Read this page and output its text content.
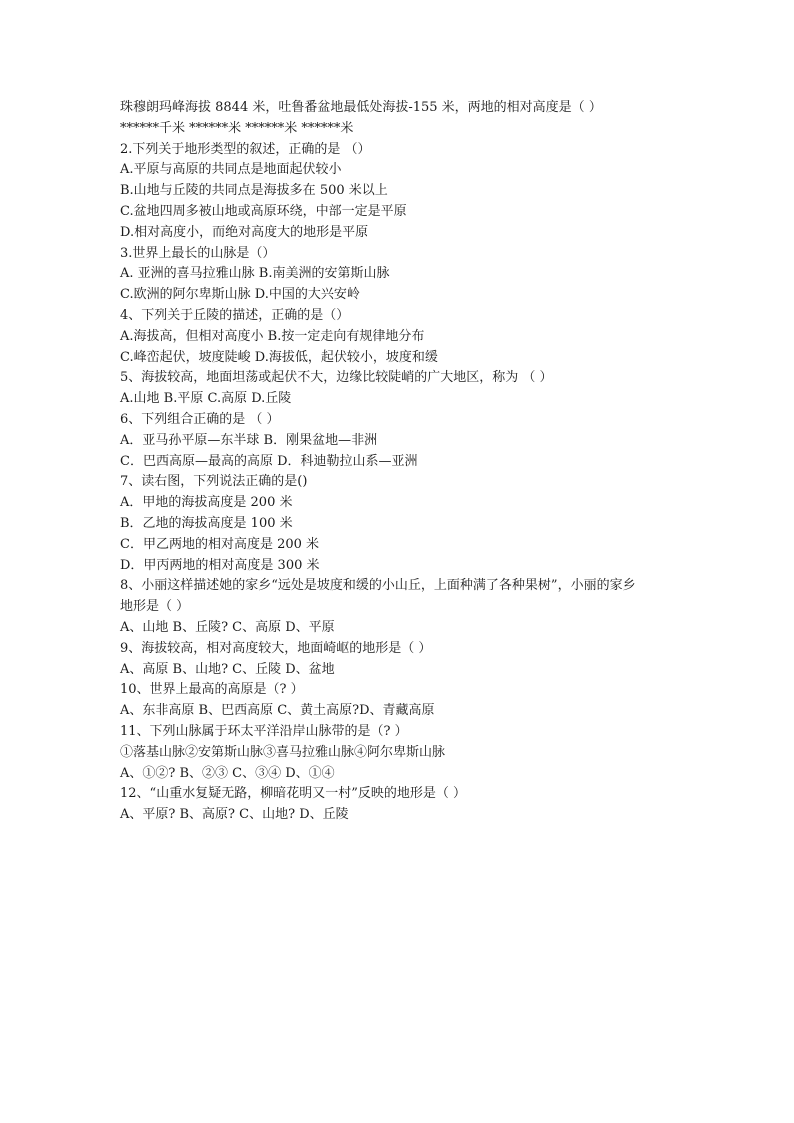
珠穆朗玛峰海拔 8844 米，吐鲁番盆地最低处海拔-155 米，两地的相对高度是（ ）
******千米 ******米 ******米 ******米
2.下列关于地形类型的叙述，正确的是 （）
A.平原与高原的共同点是地面起伏较小
B.山地与丘陵的共同点是海拔多在 500 米以上
C.盆地四周多被山地或高原环绕，中部一定是平原
D.相对高度小，而绝对高度大的地形是平原
3.世界上最长的山脉是（）
A. 亚洲的喜马拉雅山脉 B.南美洲的安第斯山脉
C.欧洲的阿尔卑斯山脉 D.中国的大兴安岭
4、下列关于丘陵的描述，正确的是（）
A.海拔高，但相对高度小 B.按一定走向有规律地分布
C.峰峦起伏，坡度陡峻 D.海拔低，起伏较小，坡度和缓
5、海拔较高，地面坦荡或起伏不大，边缘比较陡峭的广大地区，称为 （ ）
A.山地 B.平原 C.高原 D.丘陵
6、下列组合正确的是 （ ）
A．亚马孙平原—东半球 B．刚果盆地—非洲
C．巴西高原—最高的高原 D．科迪勒拉山系—亚洲
7、读右图，下列说法正确的是()
A．甲地的海拔高度是 200 米
B．乙地的海拔高度是 100 米
C．甲乙两地的相对高度是 200 米
D．甲丙两地的相对高度是 300 米
8、小丽这样描述她的家乡“远处是坡度和缓的小山丘，上面种满了各种果树”，小丽的家乡
地形是（ ）
A、山地 B、丘陵? C、高原 D、平原
9、海拔较高，相对高度较大，地面崎岖的地形是（ ）
A、高原 B、山地? C、丘陵 D、盆地
10、世界上最高的高原是（? ）
A、东非高原 B、巴西高原 C、黄土高原?D、青藏高原
11、下列山脉属于环太平洋沿岸山脉带的是（? ）
①落基山脉②安第斯山脉③喜马拉雅山脉④阿尔卑斯山脉
A、①②? B、②③ C、③④ D、①④
12、“山重水复疑无路，柳暗花明又一村”反映的地形是（ ）
A、平原? B、高原? C、山地? D、丘陵
